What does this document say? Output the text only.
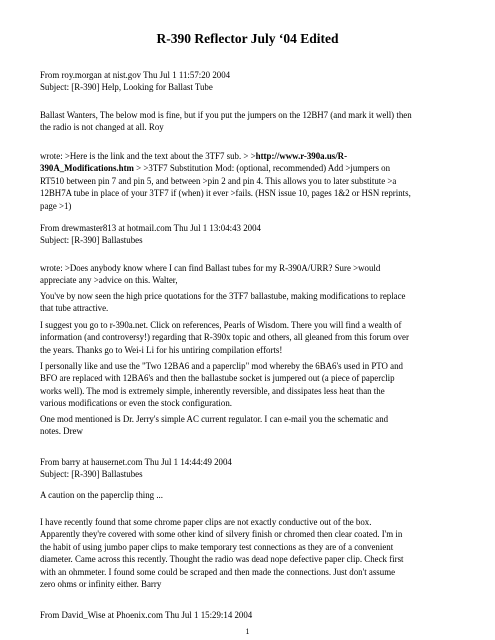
R-390 Reflector July ‘04 Edited
From roy.morgan at nist.gov Thu Jul 1 11:57:20 2004
Subject: [R-390] Help, Looking for Ballast Tube
Ballast Wanters, The below mod is fine, but if you put the jumpers on the 12BH7 (and mark it well) then
the radio is not changed at all. Roy
wrote: >Here is the link and the text about the 3TF7 sub. > >http://www.r-390a.us/R-
390A_Modifications.htm > >3TF7 Substitution Mod: (optional, recommended) Add >jumpers on
RT510 between pin 7 and pin 5, and between >pin 2 and pin 4. This allows you to later substitute >a
12BH7A tube in place of your 3TF7 if (when) it ever >fails. (HSN issue 10, pages 1&2 or HSN reprints,
page >1)
From drewmaster813 at hotmail.com Thu Jul 1 13:04:43 2004
Subject: [R-390] Ballastubes
wrote: >Does anybody know where I can find Ballast tubes for my R-390A/URR? Sure >would
appreciate any >advice on this. Walter,
You've by now seen the high price quotations for the 3TF7 ballastube, making modifications to replace
that tube attractive.
I suggest you go to r-390a.net. Click on references, Pearls of Wisdom. There you will find a wealth of
information (and controversy!) regarding that R-390x topic and others, all gleaned from this forum over
the years. Thanks go to Wei-i Li for his untiring compilation efforts!
I personally like and use the "Two 12BA6 and a paperclip" mod whereby the 6BA6's used in PTO and
BFO are replaced with 12BA6's and then the ballastube socket is jumpered out (a piece of paperclip
works well). The mod is extremely simple, inherently reversible, and dissipates less heat than the
various modifications or even the stock configuration.
One mod mentioned is Dr. Jerry's simple AC current regulator. I can e-mail you the schematic and
notes. Drew
From barry at hausernet.com Thu Jul 1 14:44:49 2004
Subject: [R-390] Ballastubes
A caution on the paperclip thing ...
I have recently found that some chrome paper clips are not exactly conductive out of the box.
Apparently they're covered with some other kind of silvery finish or chromed then clear coated. I'm in
the habit of using jumbo paper clips to make temporary test connections as they are of a convenient
diameter. Came across this recently. Thought the radio was dead nope defective paper clip. Check first
with an ohmmeter. I found some could be scraped and then made the connections. Just don't assume
zero ohms or infinity either. Barry
From David_Wise at Phoenix.com Thu Jul 1 15:29:14 2004
1
